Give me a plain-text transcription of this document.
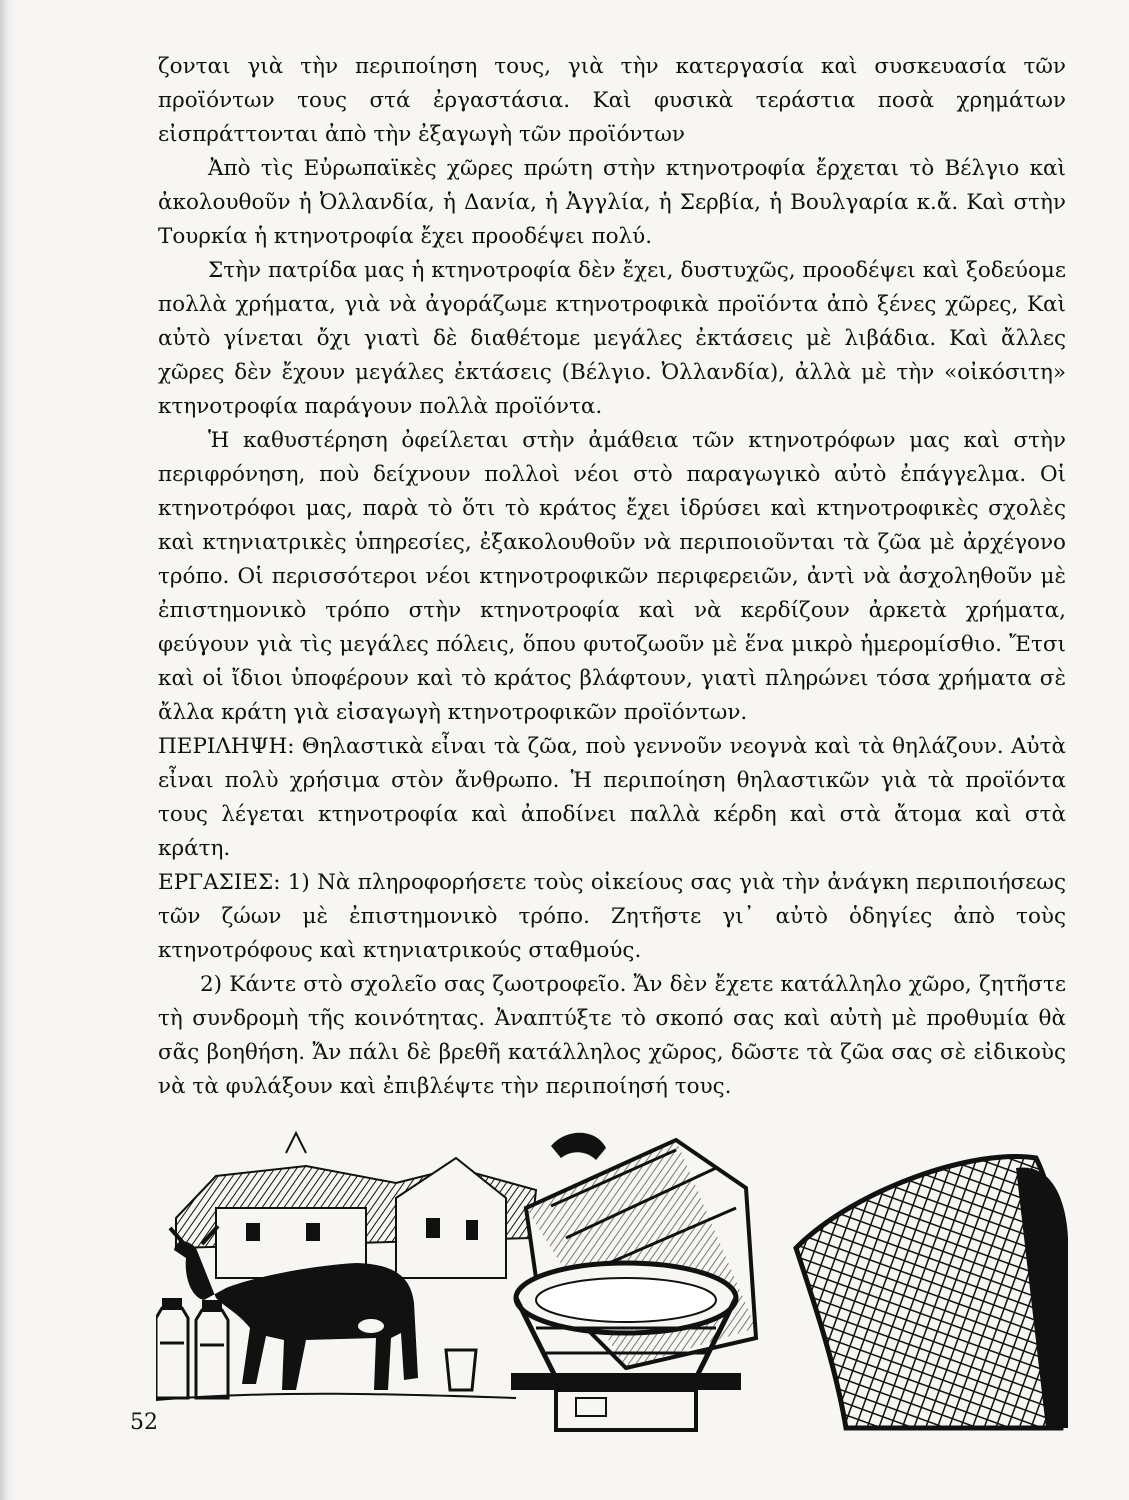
ζονται γιὰ τὴν περιποίηση τους, γιὰ τὴν κατεργασία καὶ συσκευασία τῶν προϊόντων τους στά ἐργαστάσια. Καὶ φυσικὰ τεράστια ποσὰ χρημάτων εἰσπράττονται ἀπὸ τὴν ἐξαγωγὴ τῶν προϊόντων

Ἀπὸ τὶς Εὐρωπαϊκὲς χῶρες πρώτη στὴν κτηνοτροφία ἔρχεται τὸ Βέλγιο καὶ ἀκολουθοῦν ἡ Ὀλλανδία, ἡ Δανία, ἡ Ἀγγλία, ἡ Σερβία, ἡ Βουλγαρία κ.ἄ. Καὶ στὴν Τουρκία ἡ κτηνοτροφία ἔχει προοδέψει πολύ.

Στὴν πατρίδα μας ἡ κτηνοτροφία δὲν ἔχει, δυστυχῶς, προοδέψει καὶ ξοδεύομε πολλὰ χρήματα, γιὰ νὰ ἀγοράζωμε κτηνοτροφικὰ προϊόντα ἀπὸ ξένες χῶρες, Καὶ αὐτὸ γίνεται ὄχι γιατὶ δὲ διαθέτομε μεγάλες ἐκτάσεις μὲ λιβάδια. Καὶ ἄλλες χῶρες δὲν ἔχουν μεγάλες ἐκτάσεις (Βέλγιο. Ὀλλανδία), ἀλλὰ μὲ τὴν «οἰκόσιτη» κτηνοτροφία παράγουν πολλὰ προϊόντα.

Ἡ καθυστέρηση ὀφείλεται στὴν ἀμάθεια τῶν κτηνοτρόφων μας καὶ στὴν περιφρόνηση, ποὺ δείχνουν πολλοὶ νέοι στὸ παραγωγικὸ αὐτὸ ἐπάγγελμα. Οἱ κτηνοτρόφοι μας, παρὰ τὸ ὅτι τὸ κράτος ἔχει ἱδρύσει καὶ κτηνοτροφικὲς σχολὲς καὶ κτηνιατρικὲς ὑπηρεσίες, ἐξακολουθοῦν νὰ περιποιοῦνται τὰ ζῶα μὲ ἀρχέγονο τρόπο. Οἱ περισσότεροι νέοι κτηνοτροφικῶν περιφερειῶν, ἀντὶ νὰ ἀσχοληθοῦν μὲ ἐπιστημονικὸ τρόπο στὴν κτηνοτροφία καὶ νὰ κερδίζουν ἀρκετὰ χρήματα, φεύγουν γιὰ τὶς μεγάλες πόλεις, ὅπου φυτοζωοῦν μὲ ἕνα μικρὸ ἡμερομίσθιο. Ἔτσι καὶ οἱ ἴδιοι ὑποφέρουν καὶ τὸ κράτος βλάφτουν, γιατὶ πληρώνει τόσα χρήματα σὲ ἄλλα κράτη γιὰ εἰσαγωγὴ κτηνοτροφικῶν προϊόντων.

ΠΕΡΙΛΗΨΗ: Θηλαστικὰ εἶναι τὰ ζῶα, ποὺ γεννοῦν νεογνὰ καὶ τὰ θηλάζουν. Αὐτὰ εἶναι πολὺ χρήσιμα στὸν ἄνθρωπο. Ἡ περιποίηση θηλαστικῶν γιὰ τὰ προϊόντα τους λέγεται κτηνοτροφία καὶ ἀποδίνει παλλὰ κέρδη καὶ στὰ ἄτομα καὶ στὰ κράτη.

ΕΡΓΑΣΙΕΣ: 1) Νὰ πληροφορήσετε τοὺς οἰκείους σας γιὰ τὴν ἀνάγκη περιποιήσεως τῶν ζώων μὲ ἐπιστημονικὸ τρόπο. Ζητῆστε γι᾽ αὐτὸ ὁδηγίες ἀπὸ τοὺς κτηνοτρόφους καὶ κτηνιατρικούς σταθμούς.

2) Κάντε στὸ σχολεῖο σας ζωοτροφεῖο. Ἄν δὲν ἔχετε κατάλληλο χῶρο, ζητῆστε τὴ συνδρομὴ τῆς κοινότητας. Ἀναπτύξτε τὸ σκοπό σας καὶ αὐτὴ μὲ προθυμία θὰ σᾶς βοηθήση. Ἄν πάλι δὲ βρεθῆ κατάλληλος χῶρος, δῶστε τὰ ζῶα σας σὲ εἰδικοὺς νὰ τὰ φυλάξουν καὶ ἐπιβλέψτε τὴν περιποίησή τους.

52
